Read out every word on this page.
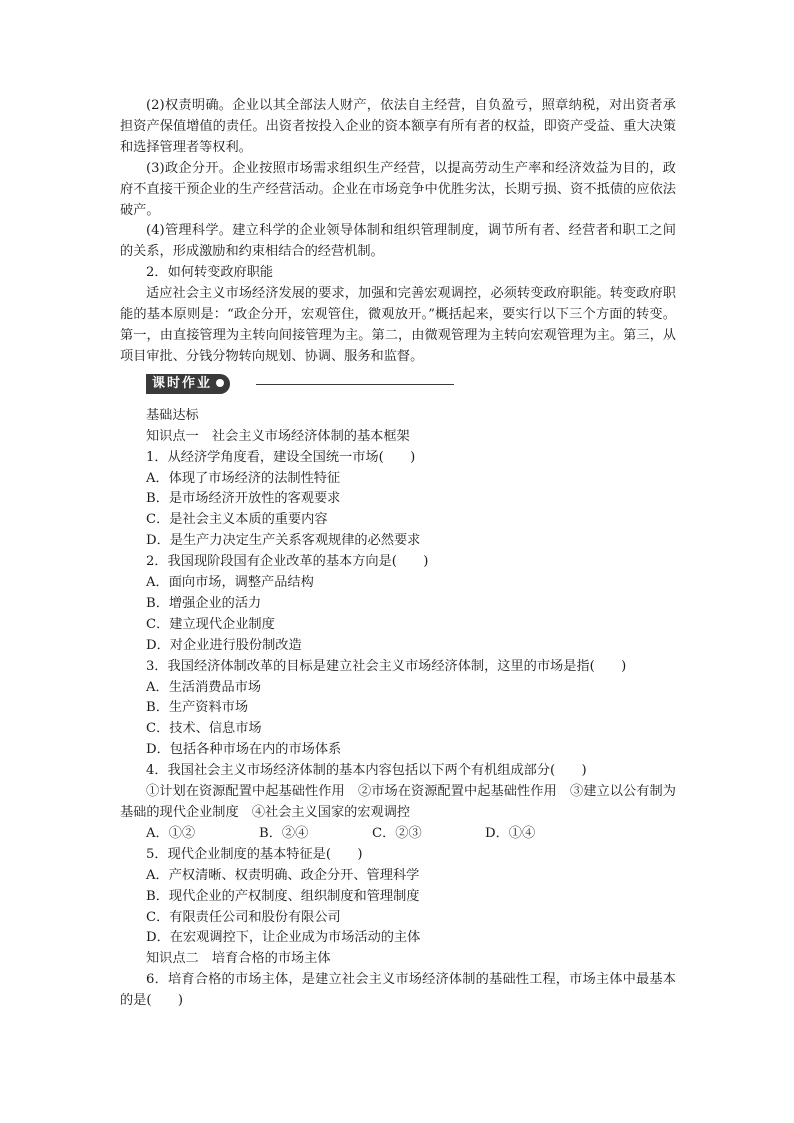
(2)权责明确。企业以其全部法人财产，依法自主经营，自负盈亏，照章纳税，对出资者承担资产保值增值的责任。出资者按投入企业的资本额享有所有者的权益，即资产受益、重大决策和选择管理者等权利。

(3)政企分开。企业按照市场需求组织生产经营，以提高劳动生产率和经济效益为目的，政府不直接干预企业的生产经营活动。企业在市场竞争中优胜劣汰，长期亏损、资不抵债的应依法破产。

(4)管理科学。建立科学的企业领导体制和组织管理制度，调节所有者、经营者和职工之间的关系，形成激励和约束相结合的经营机制。

2．如何转变政府职能

适应社会主义市场经济发展的要求，加强和完善宏观调控，必须转变政府职能。转变政府职能的基本原则是：“政企分开，宏观管住，微观放开。”概括起来，要实行以下三个方面的转变。第一，由直接管理为主转向间接管理为主。第二，由微观管理为主转向宏观管理为主。第三，从项目审批、分钱分物转向规划、协调、服务和监督。

课时作业

基础达标

知识点一　社会主义市场经济体制的基本框架

1．从经济学角度看，建设全国统一市场(　　)

A．体现了市场经济的法制性特征

B．是市场经济开放性的客观要求

C．是社会主义本质的重要内容

D．是生产力决定生产关系客观规律的必然要求

2．我国现阶段国有企业改革的基本方向是(　　)

A．面向市场，调整产品结构

B．增强企业的活力

C．建立现代企业制度

D．对企业进行股份制改造

3．我国经济体制改革的目标是建立社会主义市场经济体制，这里的市场是指(　　)

A．生活消费品市场

B．生产资料市场

C．技术、信息市场

D．包括各种市场在内的市场体系

4．我国社会主义市场经济体制的基本内容包括以下两个有机组成部分(　　)

①计划在资源配置中起基础性作用　②市场在资源配置中起基础性作用　③建立以公有制为基础的现代企业制度　④社会主义国家的宏观调控

A．①②	B．②④	C．②③	D．①④

5．现代企业制度的基本特征是(　　)

A．产权清晰、权责明确、政企分开、管理科学

B．现代企业的产权制度、组织制度和管理制度

C．有限责任公司和股份有限公司

D．在宏观调控下，让企业成为市场活动的主体

知识点二　培育合格的市场主体

6．培育合格的市场主体，是建立社会主义市场经济体制的基础性工程，市场主体中最基本的是(　　)
